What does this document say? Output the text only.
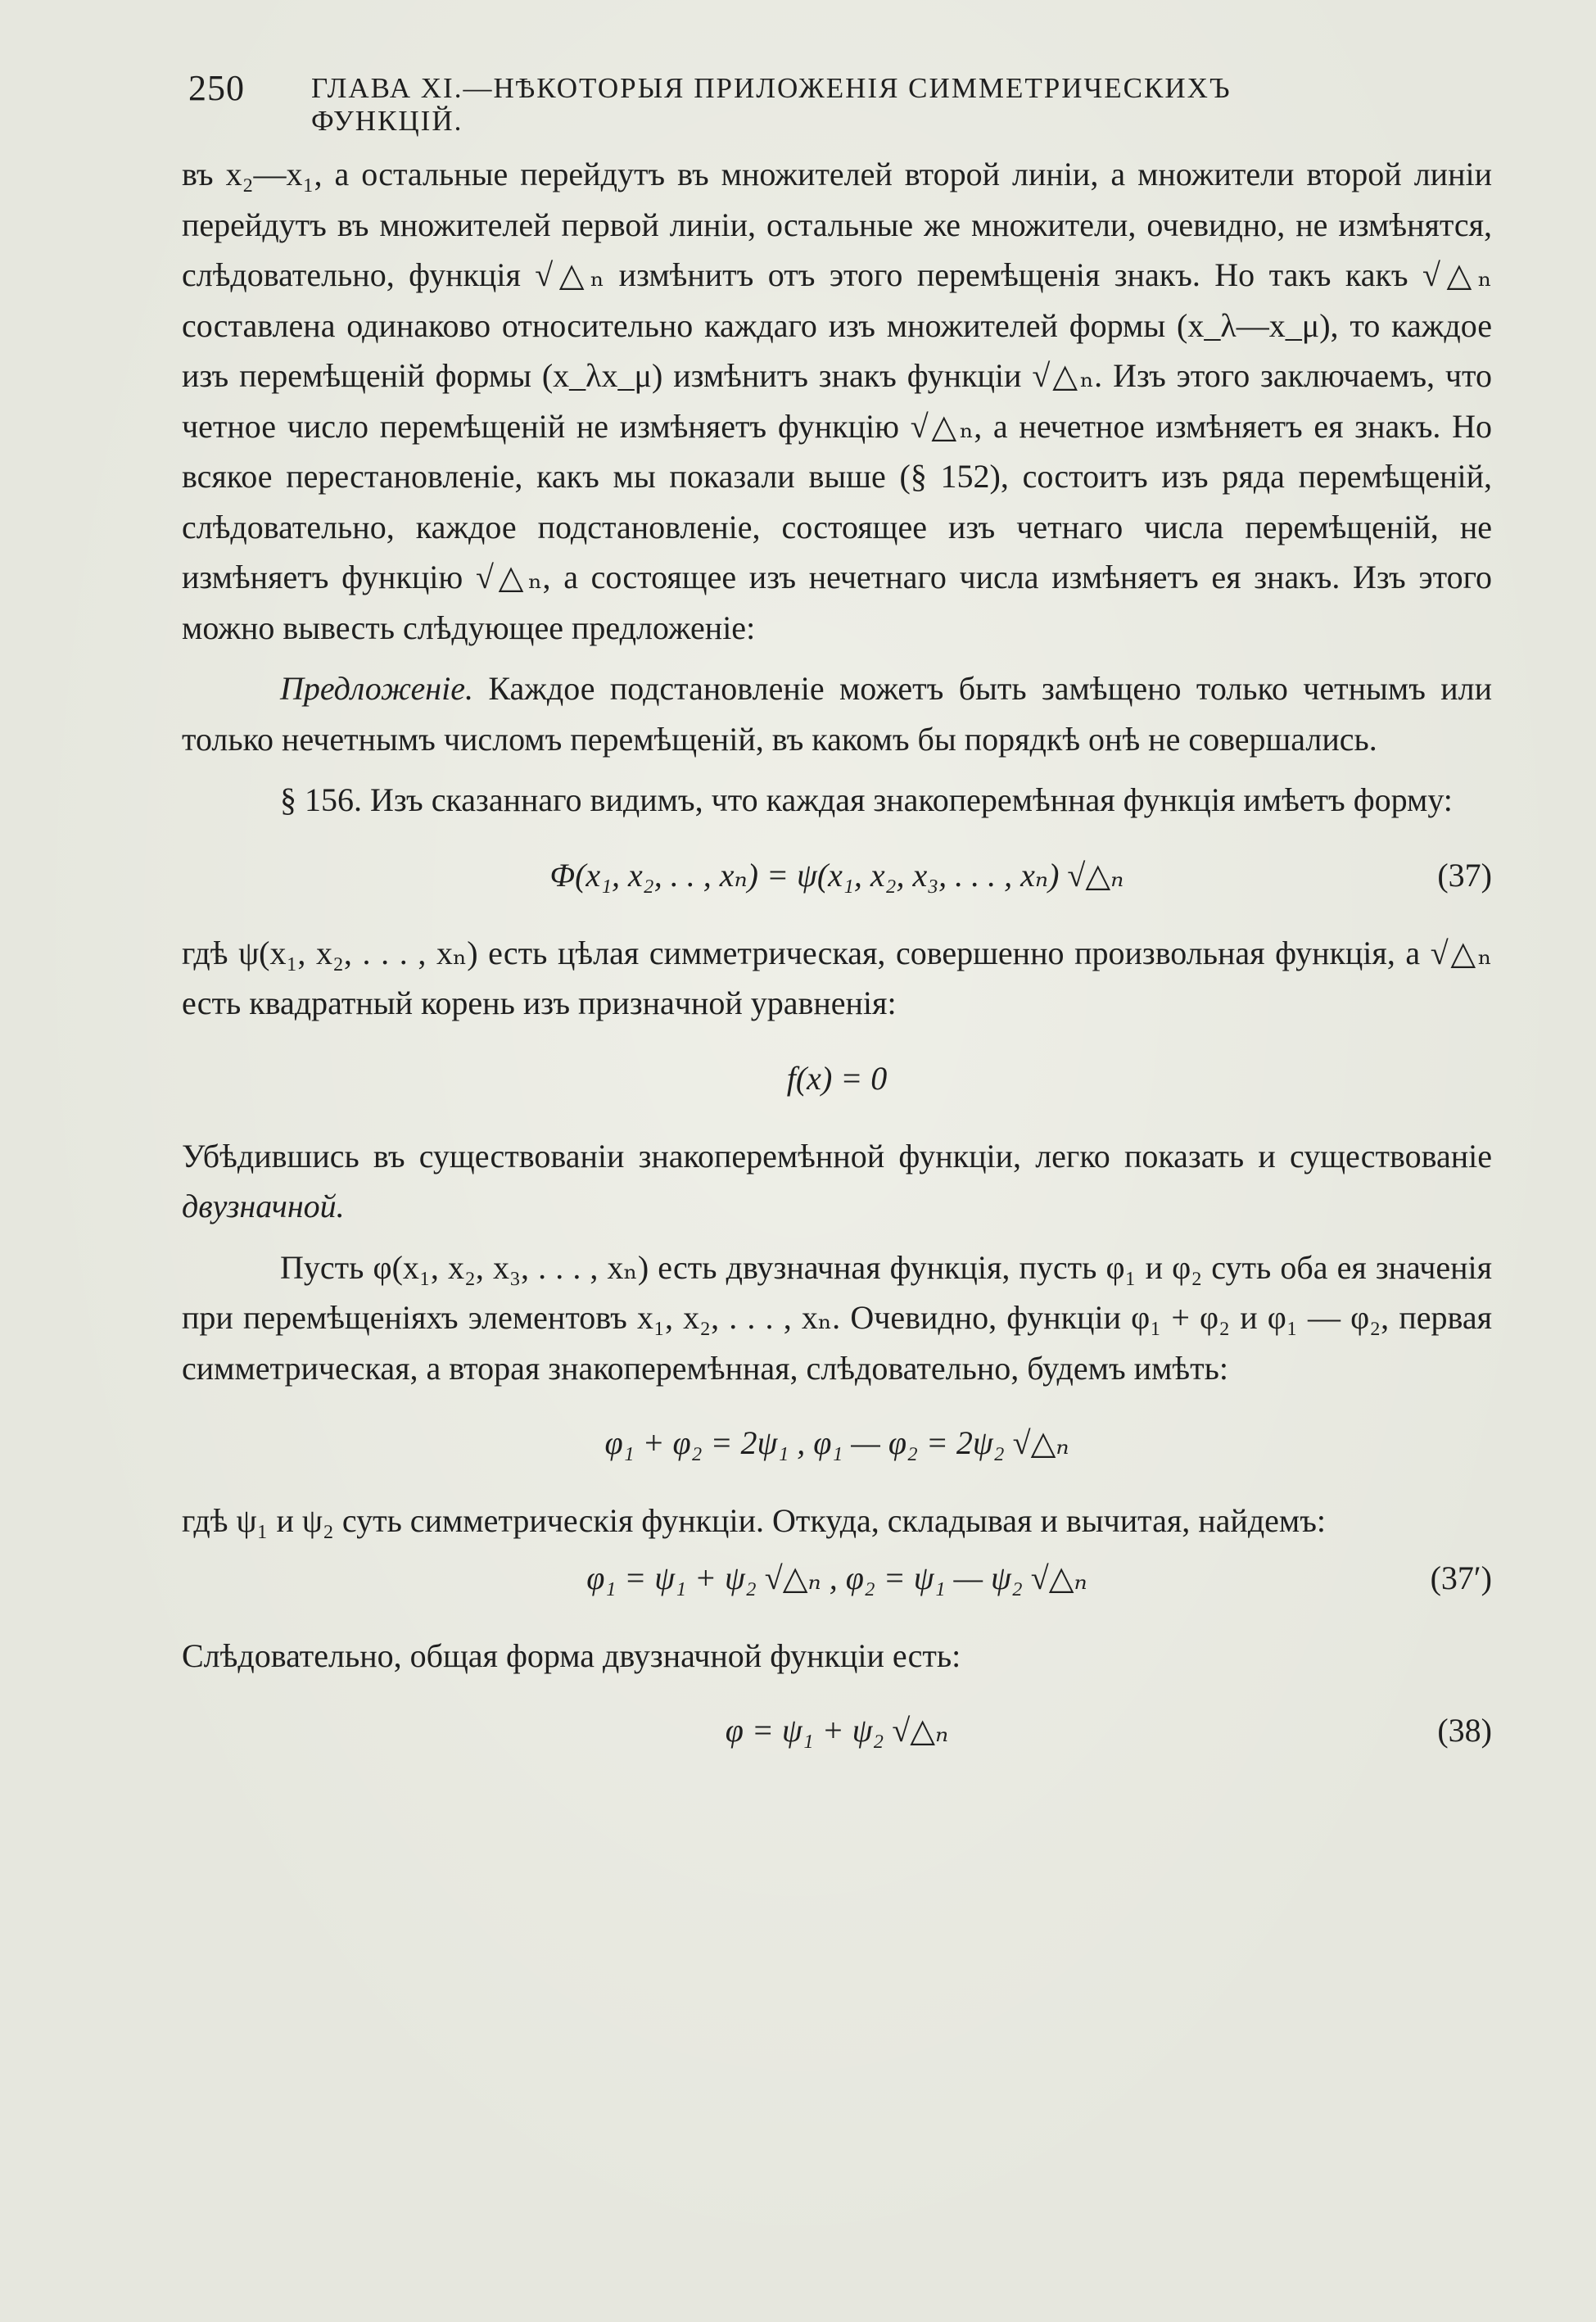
250 ГЛАВА XI.—НѢКОТОРЫЯ ПРИЛОЖЕНІЯ СИММЕТРИЧЕСКИХЪ ФУНКЦІЙ.

въ x₂—x₁, а остальные перейдутъ въ множителей второй линіи, а множители второй линіи перейдутъ въ множителей первой линіи, остальные же множители, очевидно, не измѣнятся, слѣдовательно, функція √△ₙ измѣнитъ отъ этого перемѣщенія знакъ. Но такъ какъ √△ₙ составлена одинаково относительно каждаго изъ множителей формы (x_λ—x_μ), то каждое изъ перемѣщеній формы (x_λx_μ) измѣнитъ знакъ функціи √△ₙ. Изъ этого заключаемъ, что четное число перемѣщеній не измѣняетъ функцію √△ₙ, а нечетное измѣняетъ ея знакъ. Но всякое перестановленіе, какъ мы показали выше (§ 152), состоитъ изъ ряда перемѣщеній, слѣдовательно, каждое подстановленіе, состоящее изъ четнаго числа перемѣщеній, не измѣняетъ функцію √△ₙ, а состоящее изъ нечетнаго числа измѣняетъ ея знакъ. Изъ этого можно вывесть слѣдующее предложеніе:

Предложеніе. Каждое подстановленіе можетъ быть замѣщено только четнымъ или только нечетнымъ числомъ перемѣщеній, въ какомъ бы порядкѣ онѣ не совершались.

§ 156. Изъ сказаннаго видимъ, что каждая знакоперемѣнная функція имѣетъ форму:

Φ(x₁, x₂, . . , xₙ) = ψ(x₁, x₂, x₃, . . . , xₙ) √△ₙ	(37)

гдѣ ψ(x₁, x₂, . . . , xₙ) есть цѣлая симметрическая, совершенно произвольная функція, а √△ₙ есть квадратный корень изъ признaчной уравненія:

f(x) = 0

Убѣдившись въ существованіи знакоперемѣнной функціи, легко показать и существованіе двузначной.

Пусть φ(x₁, x₂, x₃, . . . , xₙ) есть двузначная функція, пусть φ₁ и φ₂ суть оба ея значенія при перемѣщеніяхъ элементовъ x₁, x₂, . . . , xₙ. Очевидно, функціи φ₁ + φ₂ и φ₁ — φ₂, первая симметрическая, а вторая знакоперемѣнная, слѣдовательно, будемъ имѣть:

φ₁ + φ₂ = 2ψ₁ , φ₁ — φ₂ = 2ψ₂ √△ₙ

гдѣ ψ₁ и ψ₂ суть симметрическія функціи. Откуда, складывая и вычитая, найдемъ:

φ₁ = ψ₁ + ψ₂ √△ₙ , φ₂ = ψ₁ — ψ₂ √△ₙ	(37ʹ)

Слѣдовательно, общая форма двузначной функціи есть:

φ = ψ₁ + ψ₂ √△ₙ	(38)
